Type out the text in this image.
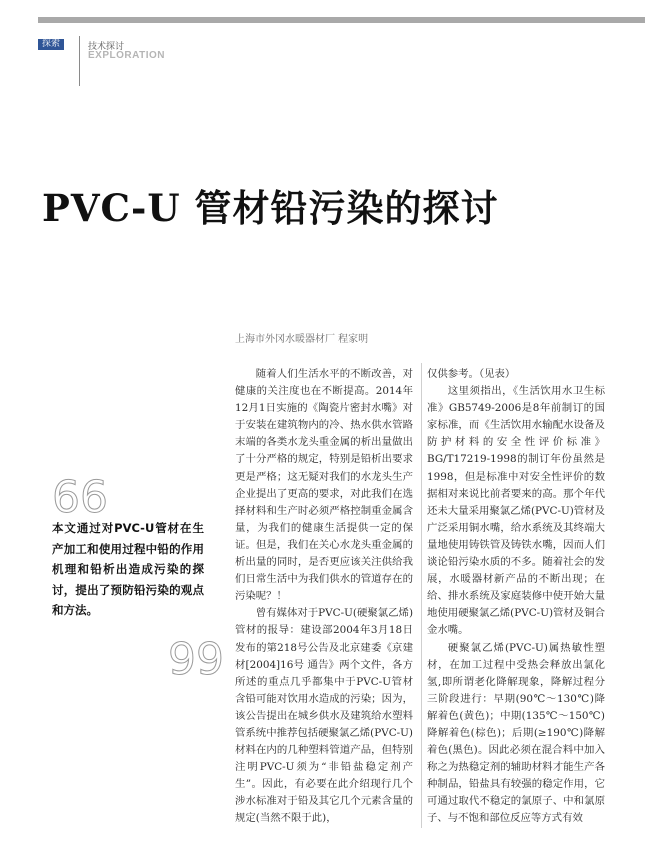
探索	技术探讨
EXPLORATION
PVC-U 管材铅污染的探讨
上海市外冈水暖器材厂 程家明
66
本文通过对PVC-U管材在生产加工和使用过程中铅的作用机理和铅析出造成污染的探讨，提出了预防铅污染的观点和方法。
99

随着人们生活水平的不断改善，对健康的关注度也在不断提高。2014年12月1日实施的《陶瓷片密封水嘴》对于安装在建筑物内的冷、热水供水管路末端的各类水龙头重金属的析出量做出了十分严格的规定，特别是铅析出要求更是严格；这无疑对我们的水龙头生产企业提出了更高的要求，对此我们在选择材料和生产时必须严格控制重金属含量，为我们的健康生活提供一定的保证。但是，我们在关心水龙头重金属的析出量的同时，是否更应该关注供给我们日常生活中为我们供水的管道存在的污染呢？！

曾有媒体对于PVC-U(硬聚氯乙烯)管材的报导：建设部2004年3月18日发布的第218号公告及北京建委《京建材[2004]16号 通告》两个文件，各方所述的重点几乎都集中于PVC-U管材含铅可能对饮用水造成的污染；因为，该公告提出在城乡供水及建筑给水塑料管系统中推荐包括硬聚氯乙烯(PVC-U)材料在内的几种塑料管道产品，但特别注明PVC-U须为“非铅盐稳定剂产生”。因此，有必要在此介绍现行几个涉水标准对于铅及其它几个元素含量的规定(当然不限于此)，

仅供参考。（见表）

这里须指出，《生活饮用水卫生标准》GB5749-2006是8年前制订的国家标准，而《生活饮用水输配水设备及防护材料的安全性评价标准》BG/T17219-1998的制订年份虽然是1998，但是标准中对安全性评价的数据相对来说比前者要来的高。那个年代还未大量采用聚氯乙烯(PVC-U)管材及广泛采用铜水嘴，给水系统及其终端大量地使用铸铁管及铸铁水嘴，因而人们谈论铅污染水质的不多。随着社会的发展，水暖器材新产品的不断出现；在给、排水系统及家庭装修中使开始大量地使用硬聚氯乙烯(PVC-U)管材及铜合金水嘴。

硬聚氯乙烯(PVC-U)属热敏性塑材，在加工过程中受热会释放出氯化氢,即所谓老化降解现象，降解过程分三阶段进行：早期(90℃～130℃)降解着色(黄色)；中期(135℃～150℃)降解着色(棕色)；后期(≥190℃)降解着色(黑色)。因此必须在混合料中加入称之为热稳定剂的辅助材料才能生产各种制品，铅盐具有较强的稳定作用，它可通过取代不稳定的氯原子、中和氯原子、与不饱和部位反应等方式有效
